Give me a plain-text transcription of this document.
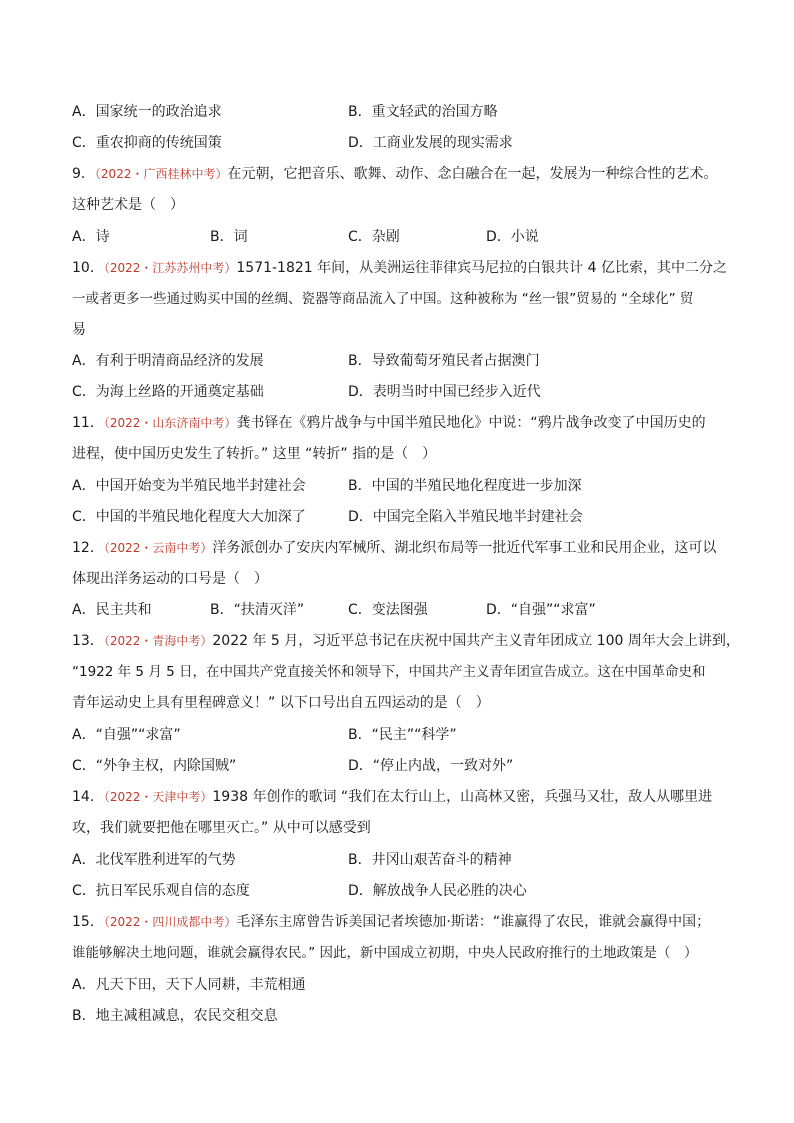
A．国家统一的政治追求	B．重文轻武的治国方略
C．重农抑商的传统国策	D．工商业发展的现实需求
9．（2022・广西桂林中考）在元朝，它把音乐、歌舞、动作、念白融合在一起，发展为一种综合性的艺术。
这种艺术是（　）
A．诗	B．词	C．杂剧	D．小说
10．（2022・江苏苏州中考）1571-1821 年间，从美洲运往菲律宾马尼拉的白银共计 4 亿比索，其中二分之
一或者更多一些通过购买中国的丝绸、瓷器等商品流入了中国。这种被称为 “丝一银”贸易的 “全球化” 贸
易
A．有利于明清商品经济的发展	B．导致葡萄牙殖民者占据澳门
C．为海上丝路的开通奠定基础	D．表明当时中国已经步入近代
11．（2022・山东济南中考）龚书铎在《鸦片战争与中国半殖民地化》中说：“鸦片战争改变了中国历史的
进程，使中国历史发生了转折。” 这里 “转折” 指的是（　）
A．中国开始变为半殖民地半封建社会	B．中国的半殖民地化程度进一步加深
C．中国的半殖民地化程度大大加深了	D．中国完全陷入半殖民地半封建社会
12．（2022・云南中考）洋务派创办了安庆内军械所、湖北织布局等一批近代军事工业和民用企业，这可以
体现出洋务运动的口号是（　）
A．民主共和	B．“扶清灭洋”	C．变法图强	D．“自强”“求富”
13．（2022・青海中考）2022 年 5 月，习近平总书记在庆祝中国共产主义青年团成立 100 周年大会上讲到，
“1922 年 5 月 5 日，在中国共产党直接关怀和领导下，中国共产主义青年团宣告成立。这在中国革命史和
青年运动史上具有里程碑意义！” 以下口号出自五四运动的是（　）
A．“自强”“求富”	B．“民主”“科学”
C．“外争主权，内除国贼”	D．“停止内战，一致对外”
14．（2022・天津中考）1938 年创作的歌词 “我们在太行山上，山高林又密，兵强马又壮，敌人从哪里进
攻，我们就要把他在哪里灭亡。” 从中可以感受到
A．北伐军胜利进军的气势	B．井冈山艰苦奋斗的精神
C．抗日军民乐观自信的态度	D．解放战争人民必胜的决心
15．（2022・四川成都中考）毛泽东主席曾告诉美国记者埃德加·斯诺：“谁赢得了农民，谁就会赢得中国；
谁能够解决土地问题，谁就会赢得农民。” 因此，新中国成立初期，中央人民政府推行的土地政策是（　）
A．凡天下田，天下人同耕，丰荒相通
B．地主减租减息，农民交租交息
